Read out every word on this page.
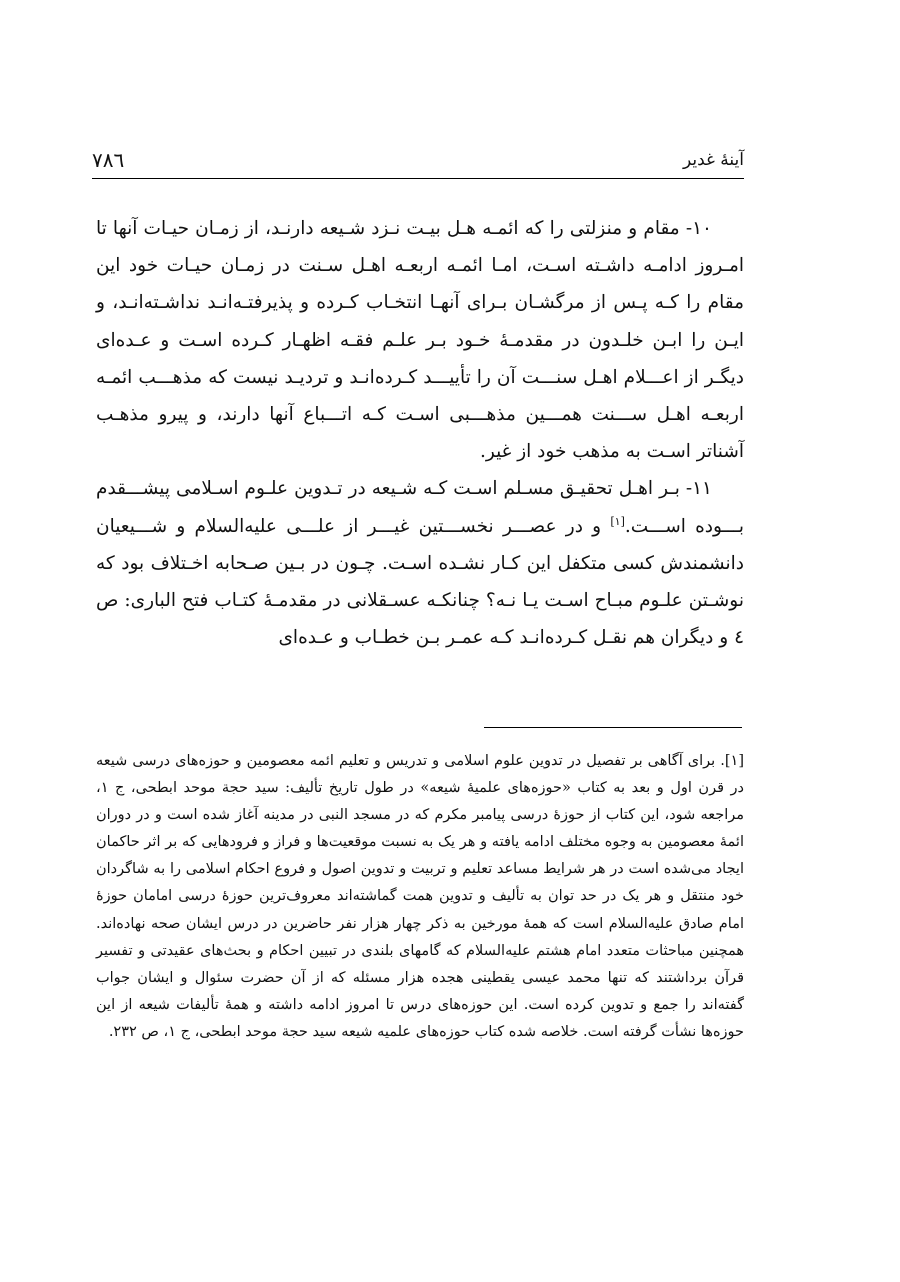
۷۸٦	آینۀ غدیر

۱۰- مقام و منزلتی را که ائمـه هـل بیـت نـزد شـیعه دارنـد، از زمـان حیـات آنها تا امـروز ادامـه داشـته اسـت، امـا ائمـه اربعـه اهـل سـنت در زمـان حیـات خود این مقام را کـه پـس از مرگشـان بـرای آنهـا انتخـاب کـرده و پذیرفتـه‌انـد نداشـته‌انـد، و ایـن را ابـن خلـدون در مقدمـۀ خـود بـر علـم فقـه اظهـار کـرده اسـت و عـده‌ای دیگـر از اعـــلام اهـل سنـــت آن را تأییـــد کـرده‌انـد و تردیـد نیست که مذهـــب ائمـه اربعـه اهـل ســـنت همـــین مذهـــبی اسـت کـه اتـــباع آنها دارند، و پیرو مذهـب آشناتر اسـت به مذهب خود از غیر.

۱۱- بـر اهـل تحقیـق مسـلم اسـت کـه شـیعه در تـدوین علـوم اسـلامی پیشـــقدم بـــوده اســـت.[۱] و در عصـــر نخســـتین غیـــر از علـــی علیه‌السلام و شـــیعیان دانشمندش کسی متکفل این کـار نشـده اسـت. چـون در بـین صـحابه اخـتلاف بود که نوشـتن علـوم مبـاح اسـت یـا نـه؟ چنانکـه عسـقلانی در مقدمـۀ کتـاب فتح الباری: ص ٤ و دیگران هم نقـل کـرده‌انـد کـه عمـر بـن خطـاب و عـده‌ای

[۱]. برای آگاهی بر تفصیل در تدوین علوم اسلامی و تدریس و تعلیم ائمه معصومین و حوزه‌های درسی شیعه در قرن اول و بعد به کتاب «حوزه‌های علمیۀ شیعه» در طول تاریخ تألیف: سید حجة موحد ابطحی، ج ۱، مراجعه شود، این کتاب از حوزۀ درسی پیامبر مکرم که در مسجد النبی در مدینه آغاز شده است و در دوران ائمۀ معصومین به وجوه مختلف ادامه یافته و هر یک به نسبت موقعیت‌ها و فراز و فرودهایی که بر اثر حاکمان ایجاد می‌شده است در هر شرایط مساعد تعلیم و تربیت و تدوین اصول و فروع احکام اسلامی را به شاگردان خود منتقل و هر یک در حد توان به تألیف و تدوین همت گماشته‌اند معروف‌ترین حوزۀ درسی امامان حوزۀ امام صادق علیه‌السلام است که همۀ مورخین به ذکر چهار هزار نفر حاضرین در درس ایشان صحه نهاده‌اند. همچنین مباحثات متعدد امام هشتم علیه‌السلام که گامهای بلندی در تبیین احکام و بحث‌های عقیدتی و تفسیر قرآن برداشتند که تنها محمد عیسی یقطینی هجده هزار مسئله که از آن حضرت سئوال و ایشان جواب گفته‌اند را جمع و تدوین کرده است. این حوزه‌های درس تا امروز ادامه داشته و همۀ تألیفات شیعه از این حوزه‌ها نشأت گرفته است. خلاصه شده کتاب حوزه‌های علمیه شیعه سید حجة موحد ابطحی، ج ۱، ص ۲۳۲.
